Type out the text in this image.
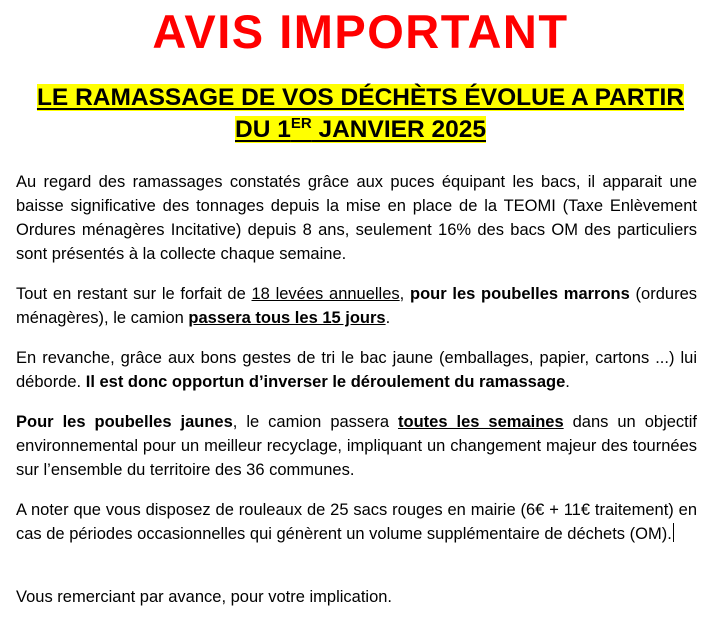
AVIS IMPORTANT
LE RAMASSAGE DE VOS DÉCHÈTS ÉVOLUE A PARTIR
DU 1ER JANVIER 2025

Au regard des ramassages constatés grâce aux puces équipant les bacs, il apparait une baisse significative des tonnages depuis la mise en place de la TEOMI (Taxe Enlèvement Ordures ménagères Incitative) depuis 8 ans, seulement 16% des bacs OM des particuliers sont présentés à la collecte chaque semaine.

Tout en restant sur le forfait de 18 levées annuelles, pour les poubelles marrons (ordures ménagères), le camion passera tous les 15 jours.

En revanche, grâce aux bons gestes de tri le bac jaune (emballages, papier, cartons ...) lui déborde. Il est donc opportun d’inverser le déroulement du ramassage.

Pour les poubelles jaunes, le camion passera toutes les semaines dans un objectif environnemental pour un meilleur recyclage, impliquant un changement majeur des tournées sur l’ensemble du territoire des 36 communes.

A noter que vous disposez de rouleaux de 25 sacs rouges en mairie (6€ + 11€ traitement) en cas de périodes occasionnelles qui génèrent un volume supplémentaire de déchets (OM).

Vous remerciant par avance, pour votre implication.
